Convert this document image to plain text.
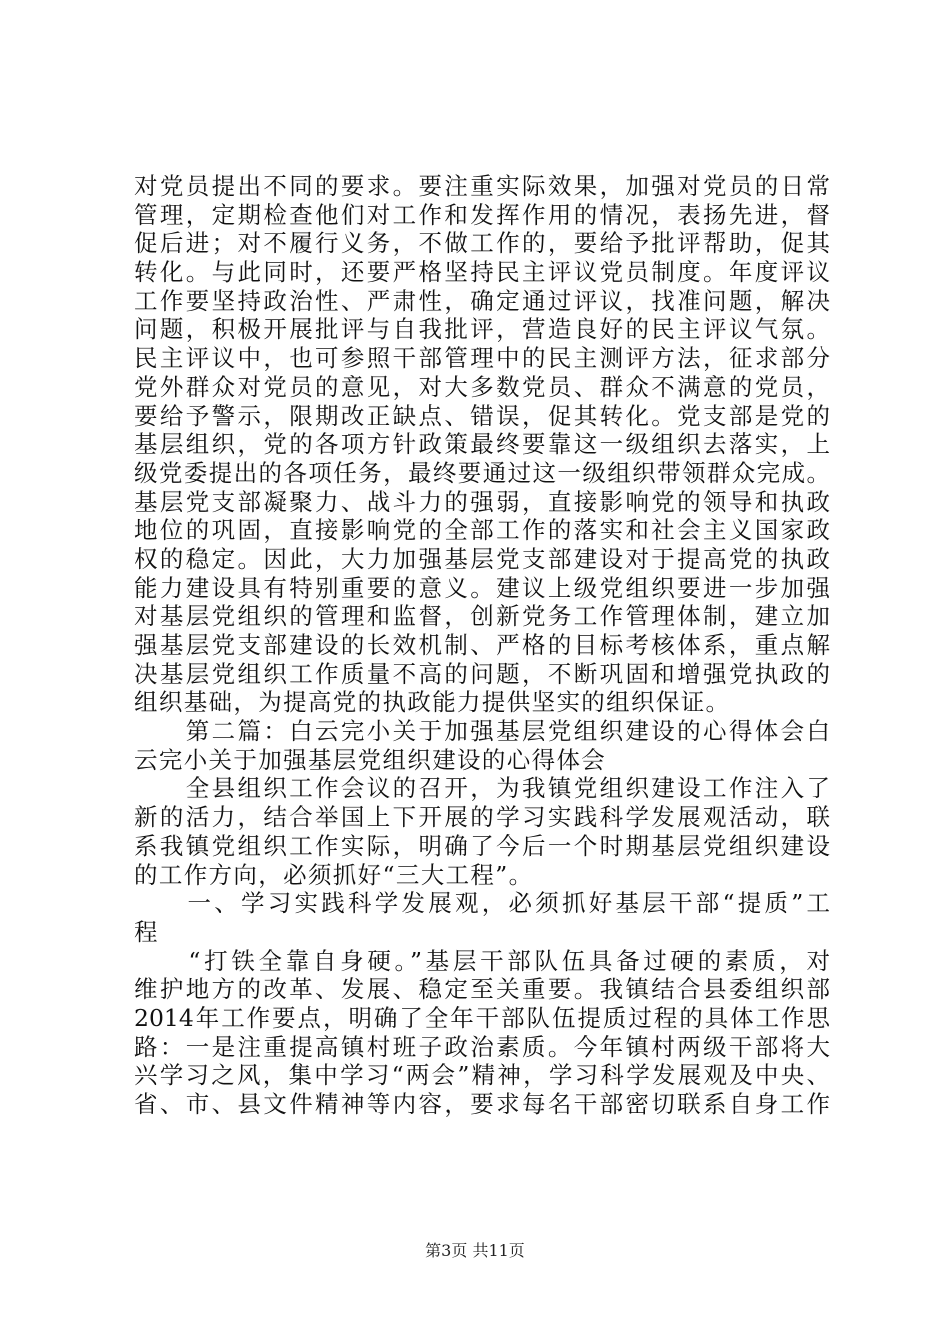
对党员提出不同的要求。要注重实际效果，加强对党员的日常
管理，定期检查他们对工作和发挥作用的情况，表扬先进，督
促后进；对不履行义务，不做工作的，要给予批评帮助，促其
转化。与此同时，还要严格坚持民主评议党员制度。年度评议
工作要坚持政治性、严肃性，确定通过评议，找准问题，解决
问题，积极开展批评与自我批评，营造良好的民主评议气氛。
民主评议中，也可参照干部管理中的民主测评方法，征求部分
党外群众对党员的意见，对大多数党员、群众不满意的党员，
要给予警示，限期改正缺点、错误，促其转化。党支部是党的
基层组织，党的各项方针政策最终要靠这一级组织去落实，上
级党委提出的各项任务，最终要通过这一级组织带领群众完成。
基层党支部凝聚力、战斗力的强弱，直接影响党的领导和执政
地位的巩固，直接影响党的全部工作的落实和社会主义国家政
权的稳定。因此，大力加强基层党支部建设对于提高党的执政
能力建设具有特别重要的意义。建议上级党组织要进一步加强
对基层党组织的管理和监督，创新党务工作管理体制，建立加
强基层党支部建设的长效机制、严格的目标考核体系，重点解
决基层党组织工作质量不高的问题，不断巩固和增强党执政的
组织基础，为提高党的执政能力提供坚实的组织保证。
　　第二篇：白云完小关于加强基层党组织建设的心得体会白
云完小关于加强基层党组织建设的心得体会
　　全县组织工作会议的召开，为我镇党组织建设工作注入了
新的活力，结合举国上下开展的学习实践科学发展观活动，联
系我镇党组织工作实际，明确了今后一个时期基层党组织建设
的工作方向，必须抓好“三大工程”。
　　一、学习实践科学发展观，必须抓好基层干部“提质”工
程
　　“打铁全靠自身硬。”基层干部队伍具备过硬的素质，对
维护地方的改革、发展、稳定至关重要。我镇结合县委组织部
2014年工作要点，明确了全年干部队伍提质过程的具体工作思
路：一是注重提高镇村班子政治素质。今年镇村两级干部将大
兴学习之风，集中学习“两会”精神，学习科学发展观及中央、
省、市、县文件精神等内容，要求每名干部密切联系自身工作
第3页 共11页
